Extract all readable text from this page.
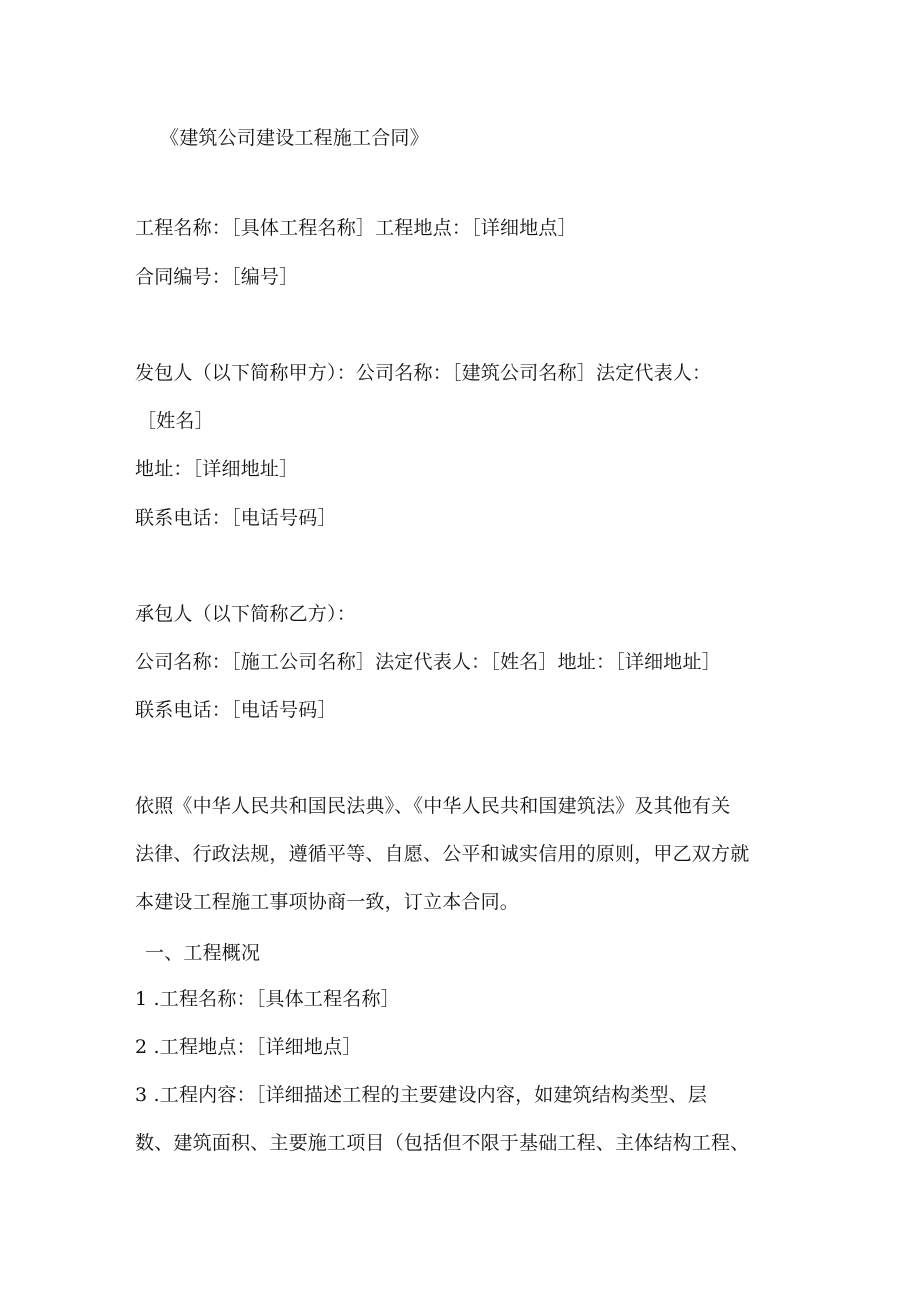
《建筑公司建设工程施工合同》
工程名称：［具体工程名称］工程地点：［详细地点］
合同编号：［编号］
发包人（以下简称甲方）：公司名称：［建筑公司名称］法定代表人：
［姓名］
地址：［详细地址］
联系电话：［电话号码］
承包人（以下简称乙方）：
公司名称：［施工公司名称］法定代表人：［姓名］地址：［详细地址］
联系电话：［电话号码］
依照《中华人民共和国民法典》、《中华人民共和国建筑法》及其他有关
法律、行政法规，遵循平等、自愿、公平和诚实信用的原则，甲乙双方就
本建设工程施工事项协商一致，订立本合同。
一、工程概况
1 .工程名称：［具体工程名称］
2 .工程地点：［详细地点］
3 .工程内容：［详细描述工程的主要建设内容，如建筑结构类型、层
数、建筑面积、主要施工项目（包括但不限于基础工程、主体结构工程、
